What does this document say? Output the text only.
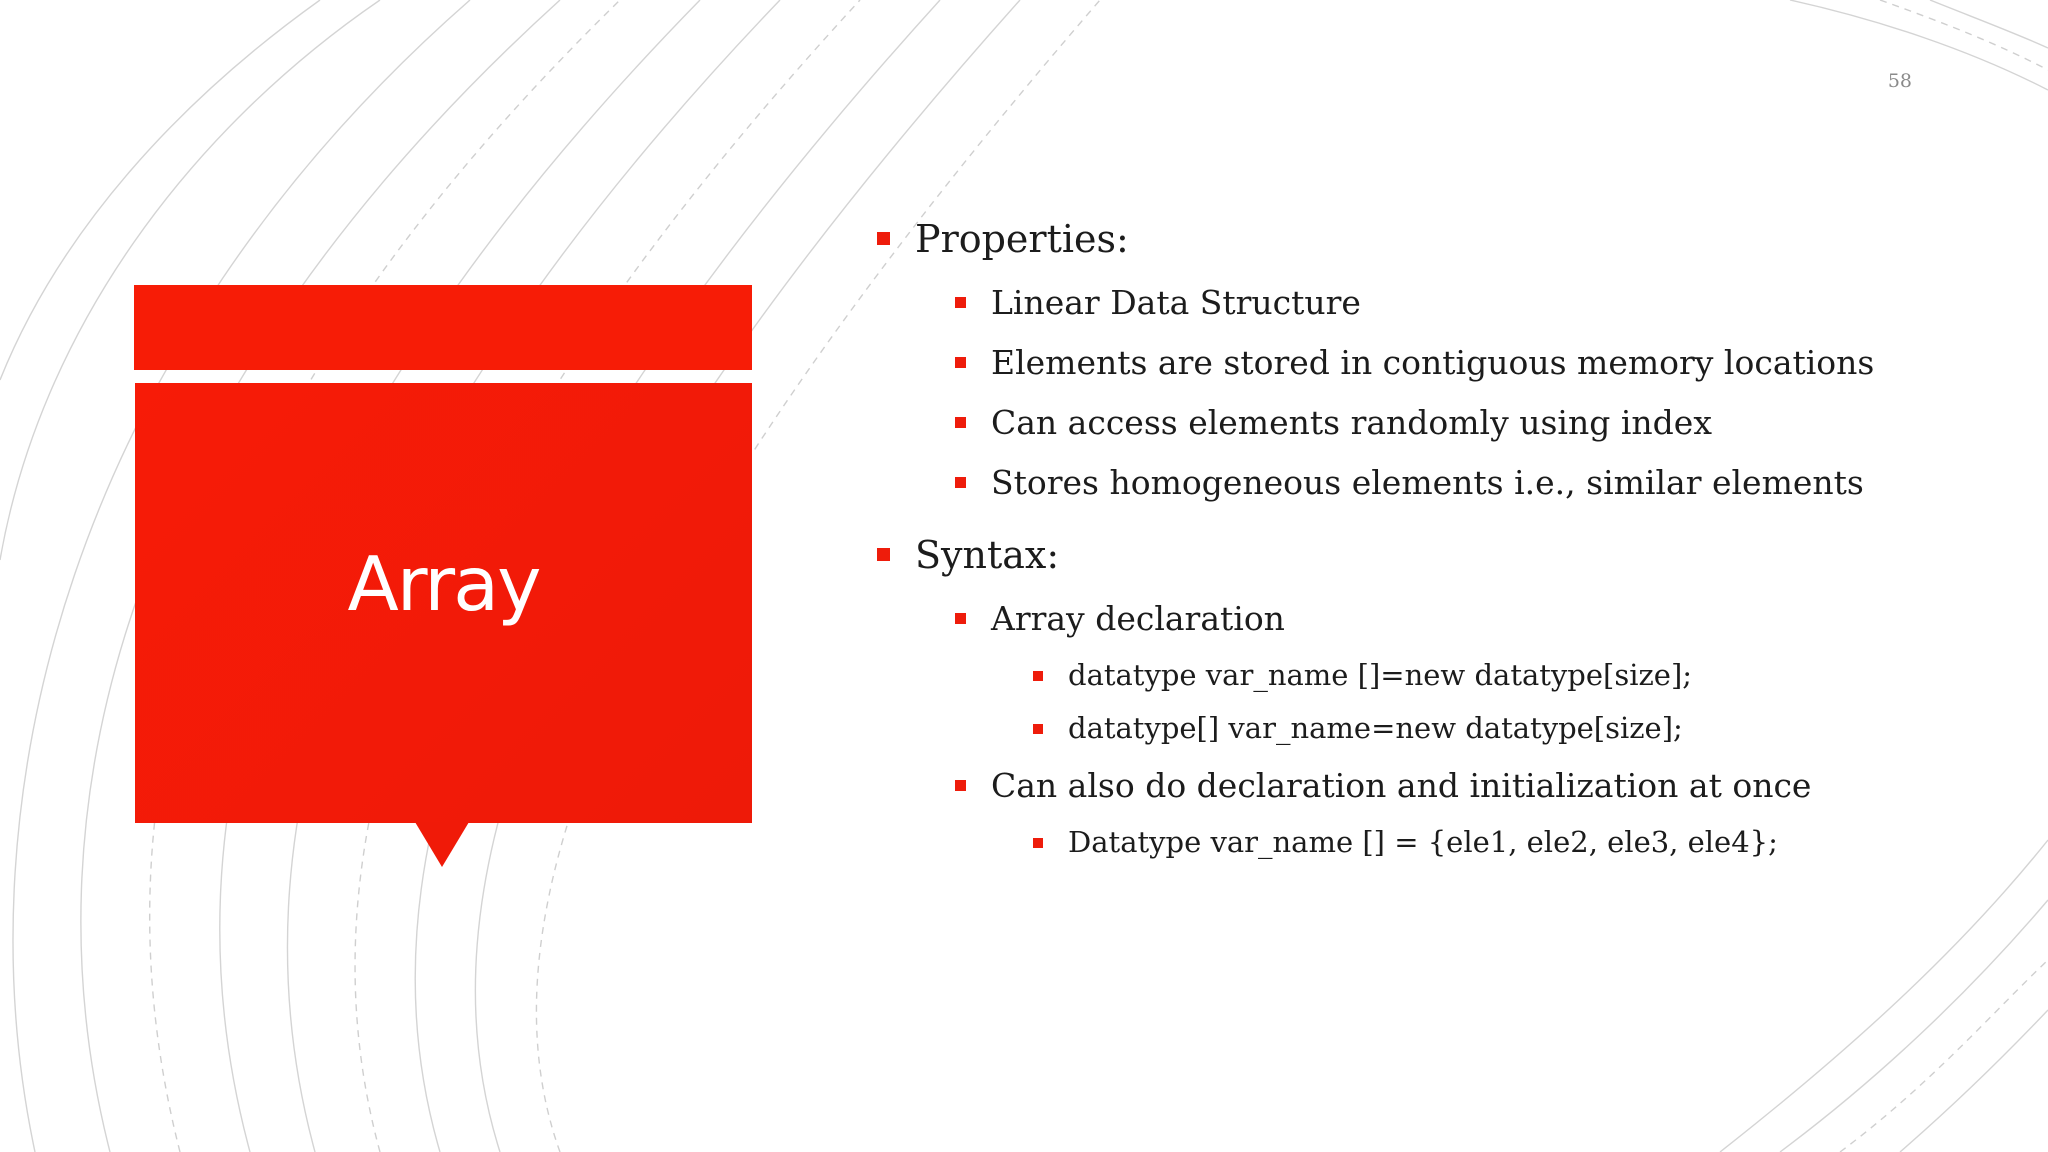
58
Array
Properties:
Linear Data Structure
Elements are stored in contiguous memory locations
Can access elements randomly using index
Stores homogeneous elements i.e., similar elements
Syntax:
Array declaration
datatype var_name []=new datatype[size];
datatype[] var_name=new datatype[size];
Can also do declaration and initialization at once
Datatype var_name [] = {ele1, ele2, ele3, ele4};
